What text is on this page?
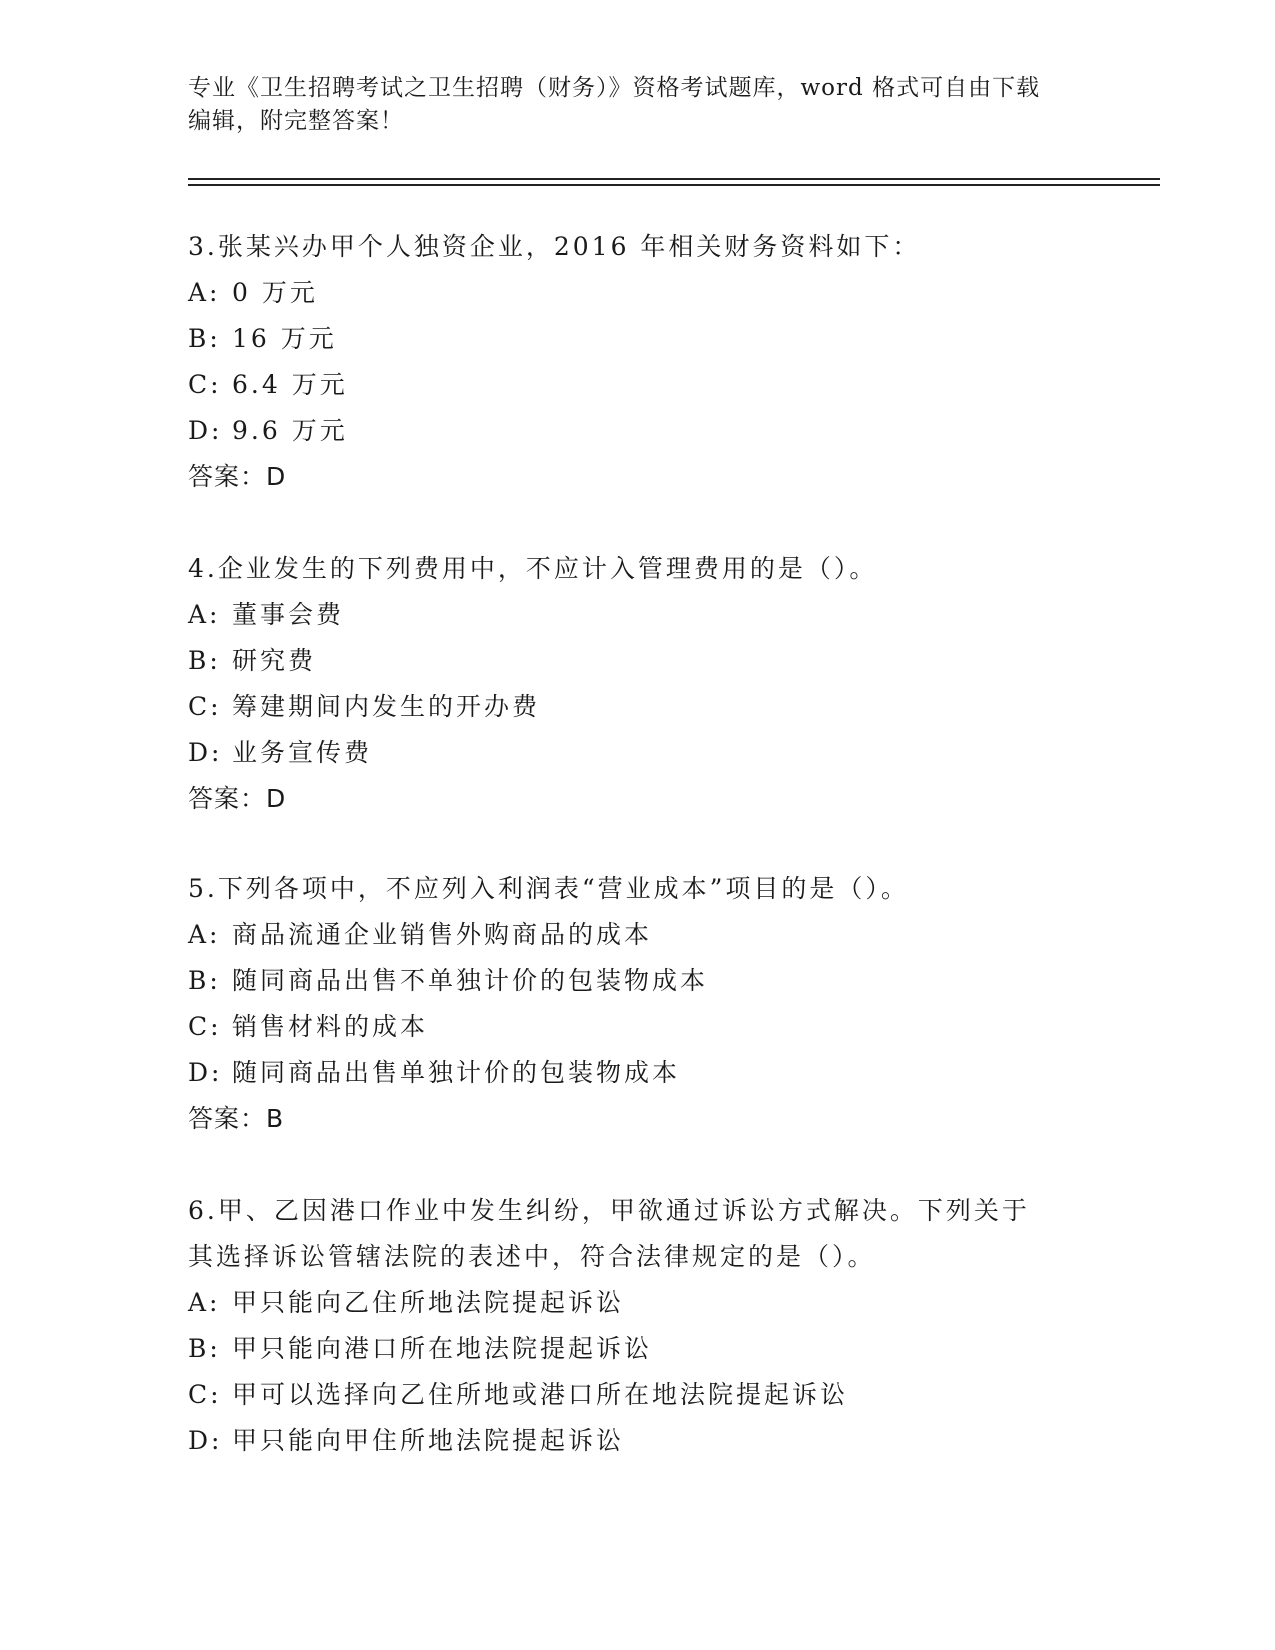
专业《卫生招聘考试之卫生招聘（财务）》资格考试题库，word 格式可自由下载
编辑，附完整答案！

3.张某兴办甲个人独资企业，2016 年相关财务资料如下：

A: 0 万元

B: 16 万元

C: 6.4 万元

D: 9.6 万元

答案：D

4.企业发生的下列费用中，不应计入管理费用的是（）。

A: 董事会费

B: 研究费

C: 筹建期间内发生的开办费

D: 业务宣传费

答案：D

5.下列各项中，不应列入利润表“营业成本”项目的是（）。

A: 商品流通企业销售外购商品的成本

B: 随同商品出售不单独计价的包装物成本

C: 销售材料的成本

D: 随同商品出售单独计价的包装物成本

答案：B

6.甲、乙因港口作业中发生纠纷，甲欲通过诉讼方式解决。下列关于

其选择诉讼管辖法院的表述中，符合法律规定的是（）。

A: 甲只能向乙住所地法院提起诉讼

B: 甲只能向港口所在地法院提起诉讼

C: 甲可以选择向乙住所地或港口所在地法院提起诉讼

D: 甲只能向甲住所地法院提起诉讼
